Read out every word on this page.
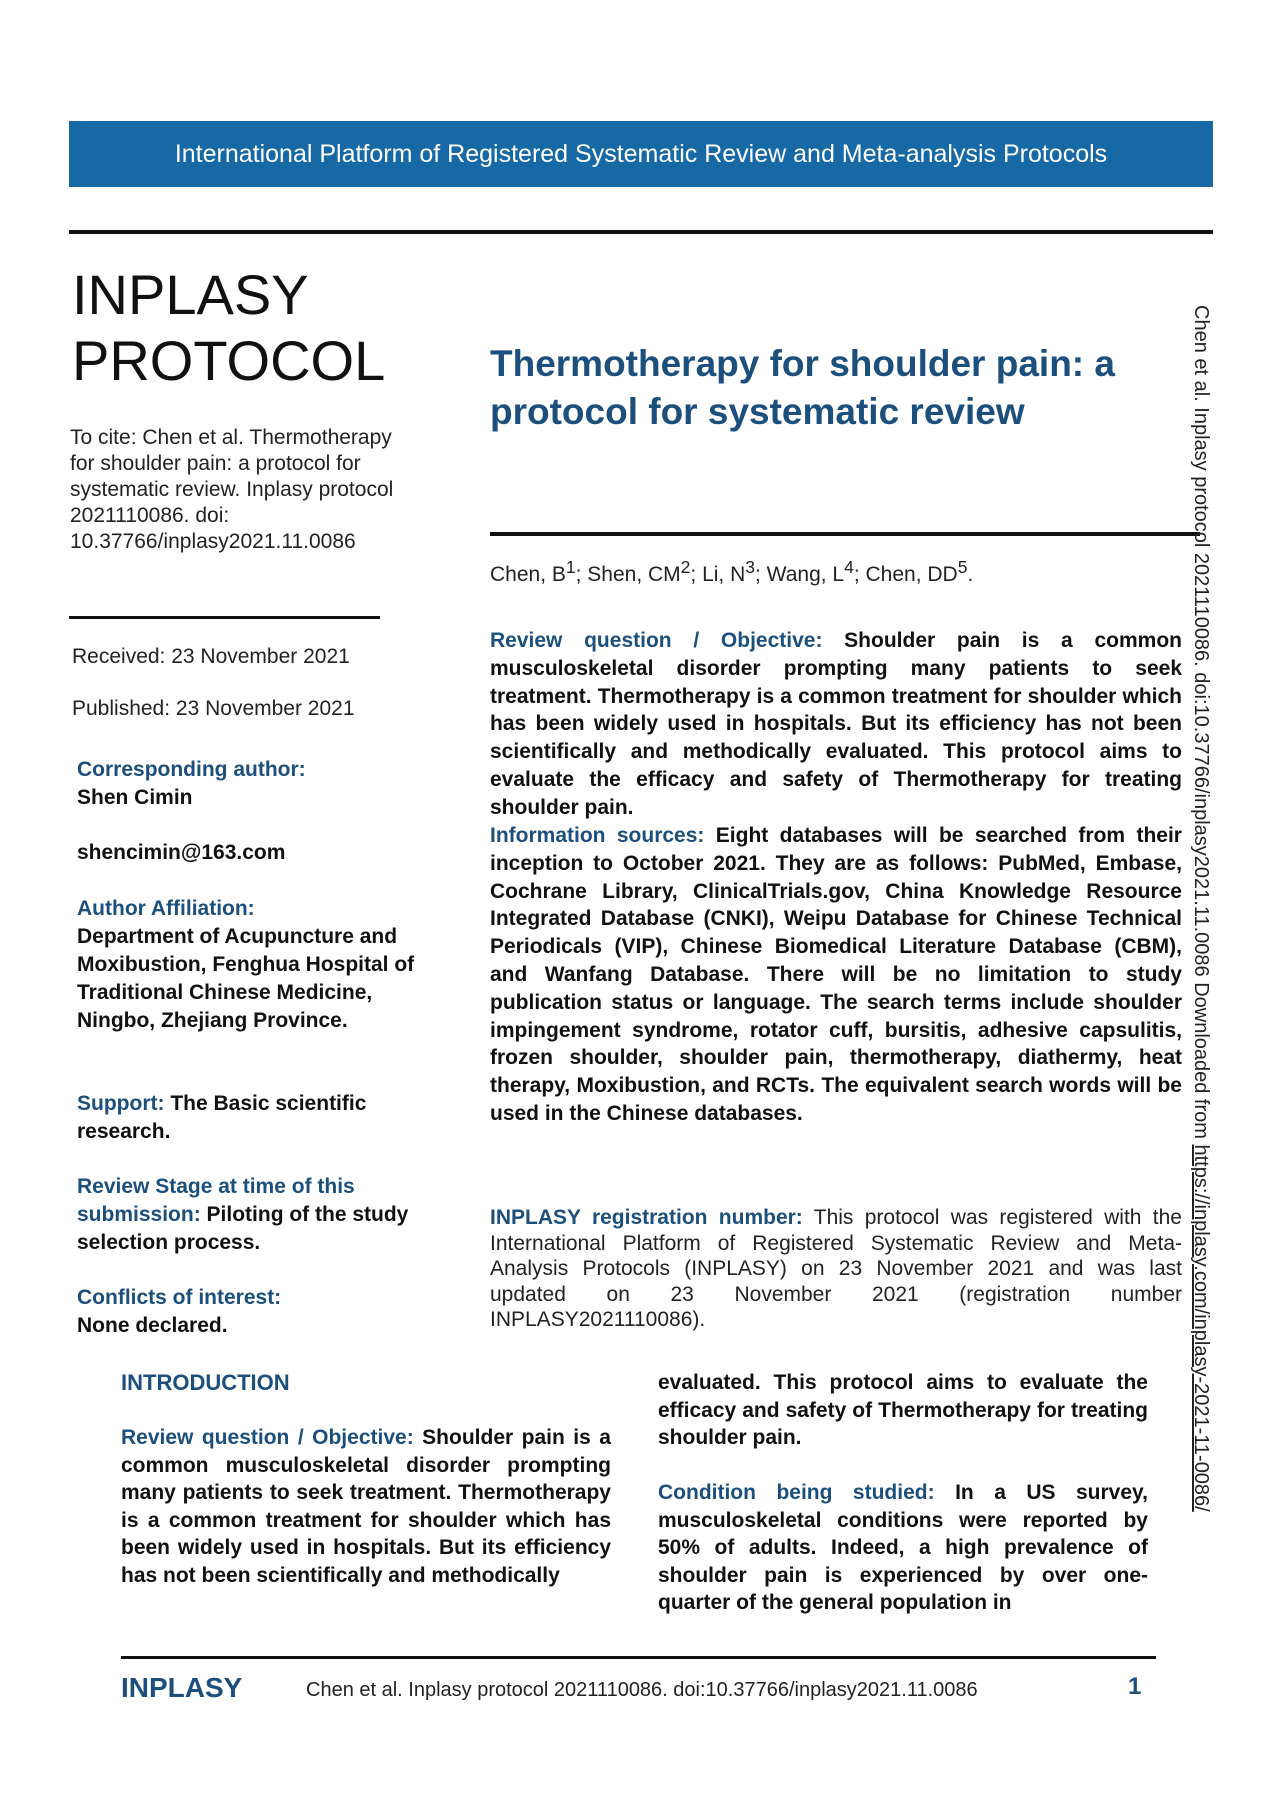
International Platform of Registered Systematic Review and Meta-analysis Protocols
INPLASY
PROTOCOL
To cite: Chen et al. Thermotherapy for shoulder pain: a protocol for systematic review. Inplasy protocol 2021110086. doi: 10.37766/inplasy2021.11.0086
Received: 23 November 2021
Published: 23 November 2021
Corresponding author:
Shen Cimin
shencimin@163.com
Author Affiliation:
Department of Acupuncture and Moxibustion, Fenghua Hospital of Traditional Chinese Medicine, Ningbo, Zhejiang Province.
Support: The Basic scientific research.
Review Stage at time of this submission: Piloting of the study selection process.
Conflicts of interest:
None declared.
Thermotherapy for shoulder pain: a protocol for systematic review
Chen, $B^1$; Shen, $CM^2$; Li, $N^3$; Wang, $L^4$; Chen, $DD^5$.
Review question / Objective: Shoulder pain is a common musculoskeletal disorder prompting many patients to seek treatment. Thermotherapy is a common treatment for shoulder which has been widely used in hospitals. But its efficiency has not been scientifically and methodically evaluated. This protocol aims to evaluate the efficacy and safety of Thermotherapy for treating shoulder pain.
Information sources: Eight databases will be searched from their inception to October 2021. They are as follows: PubMed, Embase, Cochrane Library, ClinicalTrials.gov, China Knowledge Resource Integrated Database (CNKI), Weipu Database for Chinese Technical Periodicals (VIP), Chinese Biomedical Literature Database (CBM), and Wanfang Database. There will be no limitation to study publication status or language. The search terms include shoulder impingement syndrome, rotator cuff, bursitis, adhesive capsulitis, frozen shoulder, shoulder pain, thermotherapy, diathermy, heat therapy, Moxibustion, and RCTs. The equivalent search words will be used in the Chinese databases.
INPLASY registration number: This protocol was registered with the International Platform of Registered Systematic Review and Meta-Analysis Protocols (INPLASY) on 23 November 2021 and was last updated on 23 November 2021 (registration number INPLASY2021110086).
INTRODUCTION
Review question / Objective: Shoulder pain is a common musculoskeletal disorder prompting many patients to seek treatment. Thermotherapy is a common treatment for shoulder which has been widely used in hospitals. But its efficiency has not been scientifically and methodically
evaluated. This protocol aims to evaluate the efficacy and safety of Thermotherapy for treating shoulder pain.
Condition being studied: In a US survey, musculoskeletal conditions were reported by 50% of adults. Indeed, a high prevalence of shoulder pain is experienced by over one-quarter of the general population in
Chen et al. Inplasy protocol 2021110086. doi:10.37766/inplasy2021.11.0086 Downloaded from https://inplasy.com/inplasy-2021-11-0086/
INPLASY	Chen et al. Inplasy protocol 2021110086. doi:10.37766/inplasy2021.11.0086	1
